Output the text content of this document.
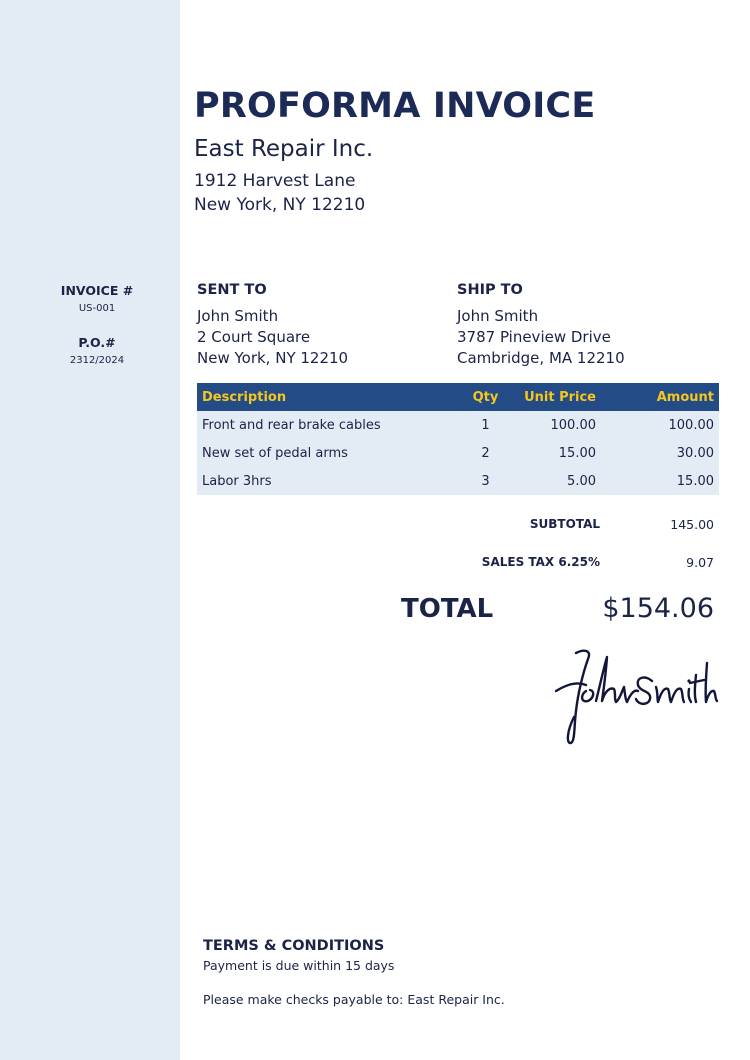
INVOICE #
US-001
P.O.#
2312/2024
PROFORMA INVOICE
East Repair Inc.
1912 Harvest Lane
New York, NY 12210
SENT TO
John Smith
2 Court Square
New York, NY 12210
SHIP TO
John Smith
3787 Pineview Drive
Cambridge, MA 12210
Description	Qty	Unit Price	Amount
Front and rear brake cables	1	100.00	100.00
New set of pedal arms	2	15.00	30.00
Labor 3hrs	3	5.00	15.00
SUBTOTAL	145.00
SALES TAX 6.25%	9.07
TOTAL	$154.06
TERMS & CONDITIONS
Payment is due within 15 days
Please make checks payable to: East Repair Inc.
